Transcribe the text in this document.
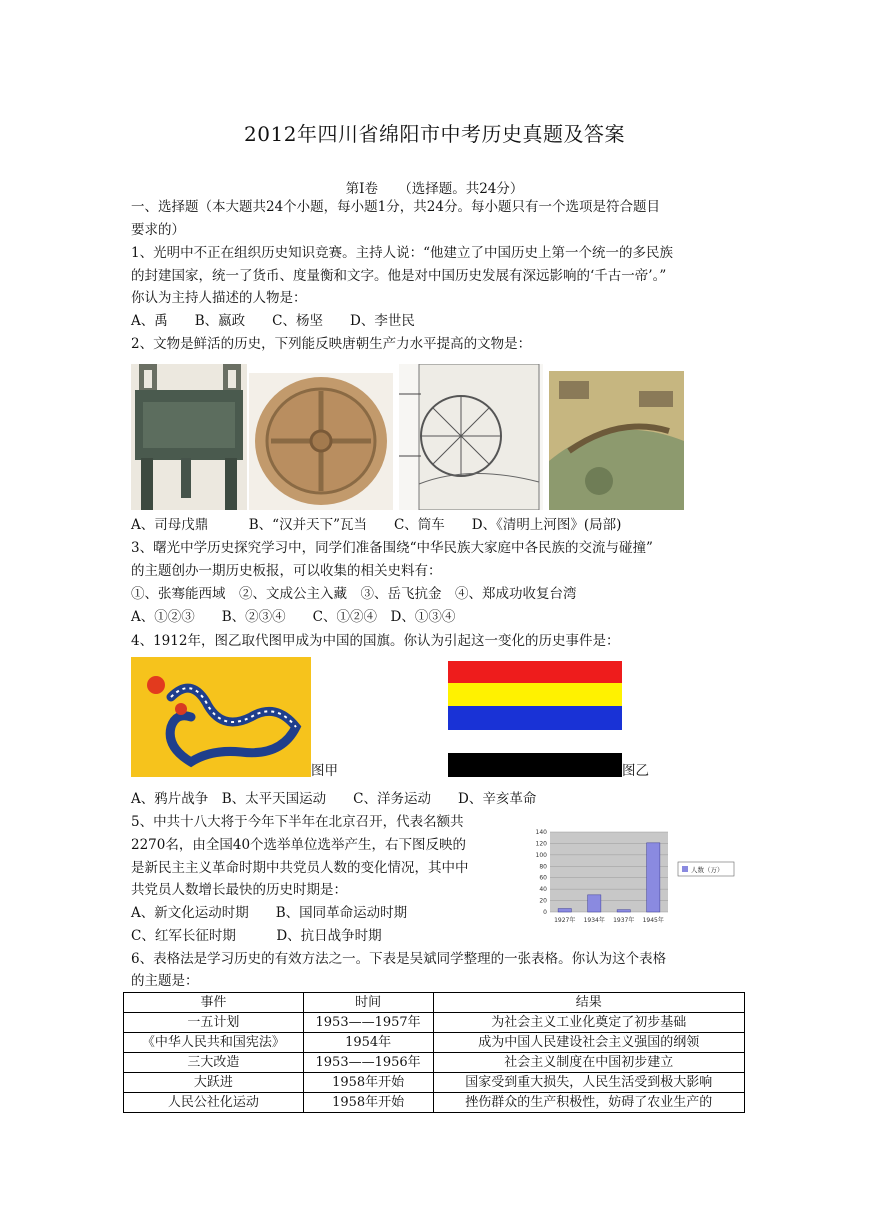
2012年四川省绵阳市中考历史真题及答案
第Ⅰ卷　　（选择题。共24分）
一、选择题（本大题共24个小题，每小题1分，共24分。每小题只有一个选项是符合题目
要求的）
1、光明中不正在组织历史知识竞赛。主持人说：“他建立了中国历史上第一个统一的多民族
的封建国家，统一了货币、度量衡和文字。他是对中国历史发展有深远影响的‘千古一帝’。”
你认为主持人描述的人物是：
A、禹　　B、嬴政　　C、杨坚　　D、李世民
2、文物是鲜活的历史，下列能反映唐朝生产力水平提高的文物是：
A、司母戊鼎　　　B、“汉并天下”瓦当　　C、筒车　　D、《清明上河图》(局部)
3、曙光中学历史探究学习中，同学们准备围绕“中华民族大家庭中各民族的交流与碰撞”
的主题创办一期历史板报，可以收集的相关史料有：
①、张骞能西域　②、文成公主入藏　③、岳飞抗金　④、郑成功收复台湾
A、①②③　　B、②③④　　C、①②④　D、①③④
4、1912年，图乙取代图甲成为中国的国旗。你认为引起这一变化的历史事件是：
图甲	图乙
A、鸦片战争　B、太平天国运动　　C、洋务运动　　D、辛亥革命
5、中共十八大将于今年下半年在北京召开，代表名额共
2270名，由全国40个选举单位选举产生，右下图反映的
是新民主主义革命时期中共党员人数的变化情况，其中中
共党员人数增长最快的历史时期是：
A、新文化运动时期　　B、国同革命运动时期
C、红军长征时期　　　D、抗日战争时期
0
20
40
60
80
100
120
140
1927年 1934年 1937年 1945年
人数（万）
6、表格法是学习历史的有效方法之一。下表是吴斌同学整理的一张表格。你认为这个表格
的主题是：
事件	时间	结果
一五计划	1953——1957年	为社会主义工业化奠定了初步基础
《中华人民共和国宪法》	1954年	成为中国人民建设社会主义强国的纲领
三大改造	1953——1956年	社会主义制度在中国初步建立
大跃进	1958年开始	国家受到重大损失，人民生活受到极大影响
人民公社化运动	1958年开始	挫伤群众的生产积极性，妨碍了农业生产的
